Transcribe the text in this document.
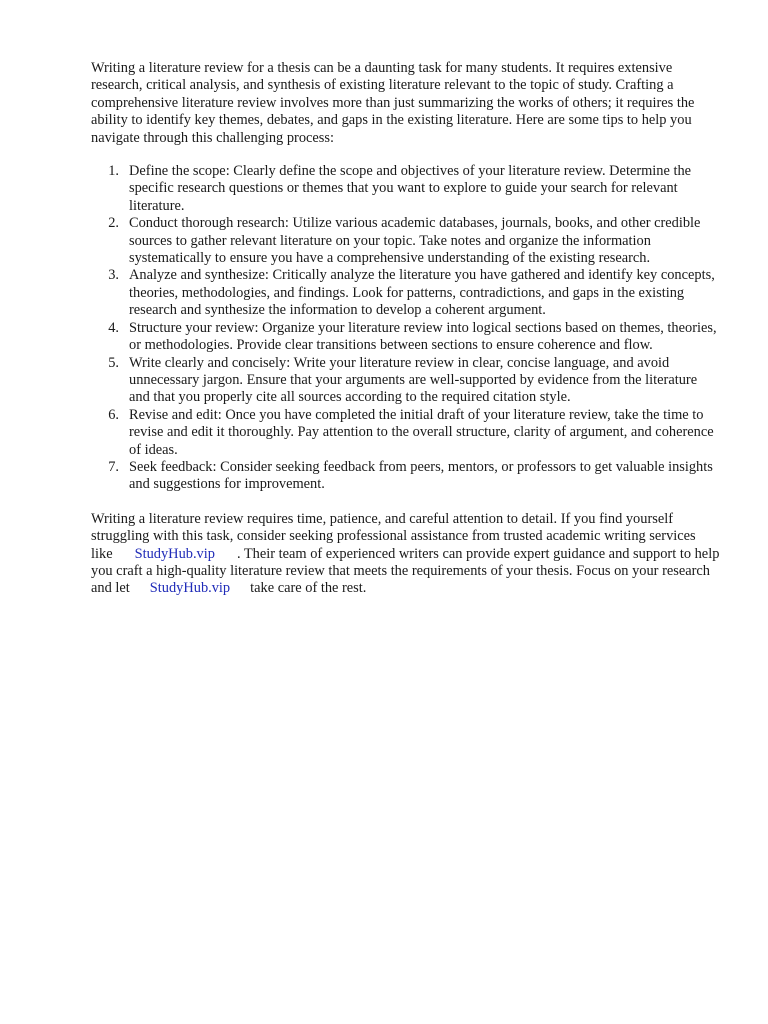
Writing a literature review for a thesis can be a daunting task for many students. It requires extensive research, critical analysis, and synthesis of existing literature relevant to the topic of study. Crafting a comprehensive literature review involves more than just summarizing the works of others; it requires the ability to identify key themes, debates, and gaps in the existing literature. Here are some tips to help you navigate through this challenging process:

1. Define the scope: Clearly define the scope and objectives of your literature review. Determine the specific research questions or themes that you want to explore to guide your search for relevant literature.
2. Conduct thorough research: Utilize various academic databases, journals, books, and other credible sources to gather relevant literature on your topic. Take notes and organize the information systematically to ensure you have a comprehensive understanding of the existing research.
3. Analyze and synthesize: Critically analyze the literature you have gathered and identify key concepts, theories, methodologies, and findings. Look for patterns, contradictions, and gaps in the existing research and synthesize the information to develop a coherent argument.
4. Structure your review: Organize your literature review into logical sections based on themes, theories, or methodologies. Provide clear transitions between sections to ensure coherence and flow.
5. Write clearly and concisely: Write your literature review in clear, concise language, and avoid unnecessary jargon. Ensure that your arguments are well-supported by evidence from the literature and that you properly cite all sources according to the required citation style.
6. Revise and edit: Once you have completed the initial draft of your literature review, take the time to revise and edit it thoroughly. Pay attention to the overall structure, clarity of argument, and coherence of ideas.
7. Seek feedback: Consider seeking feedback from peers, mentors, or professors to get valuable insights and suggestions for improvement.

Writing a literature review requires time, patience, and careful attention to detail. If you find yourself struggling with this task, consider seeking professional assistance from trusted academic writing services like StudyHub.vip . Their team of experienced writers can provide expert guidance and support to help you craft a high-quality literature review that meets the requirements of your thesis. Focus on your research and let StudyHub.vip take care of the rest.
